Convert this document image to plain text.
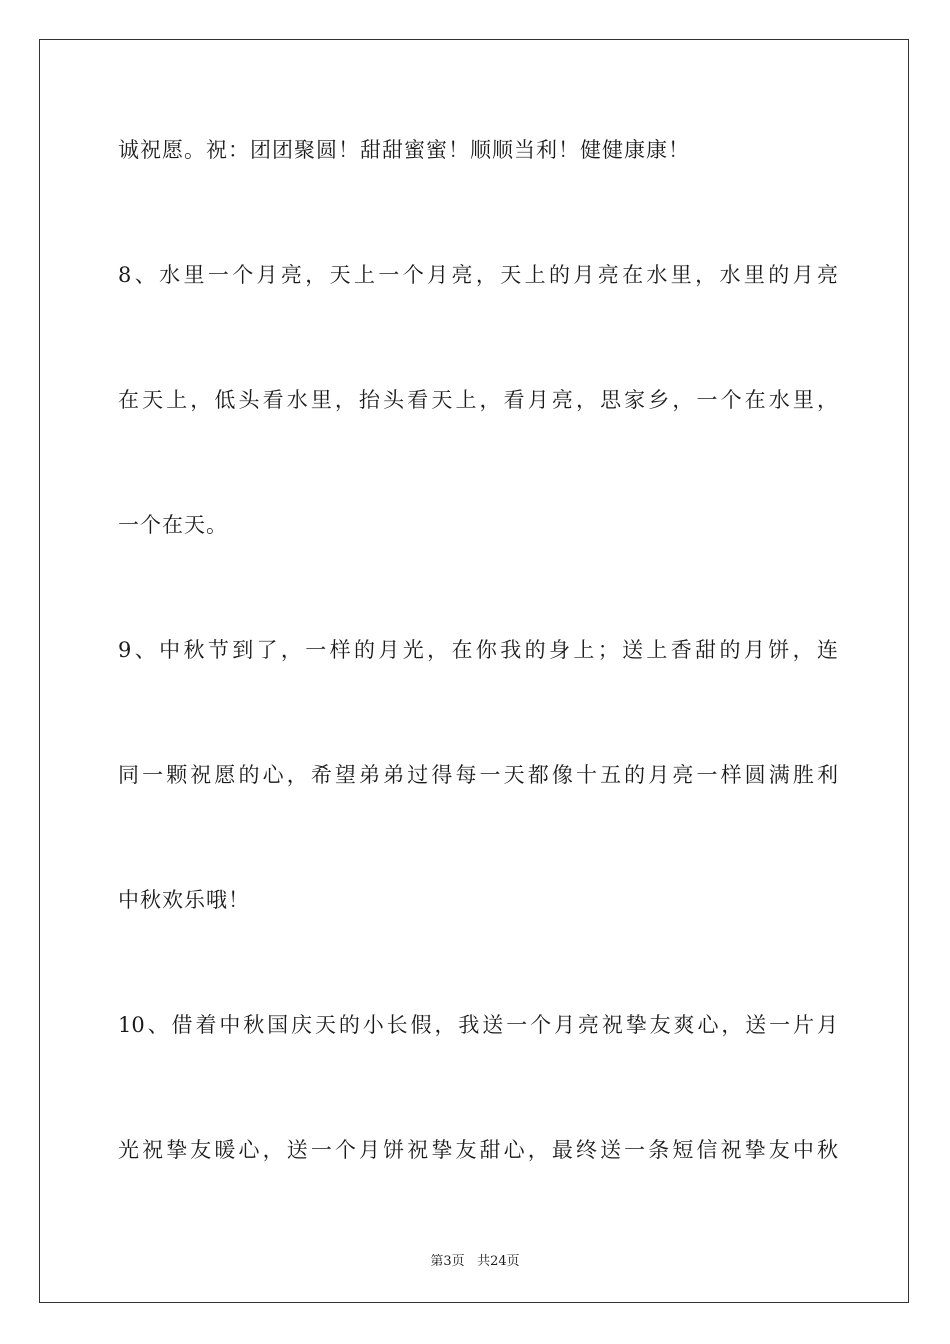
诚祝愿。祝：团团聚圆！甜甜蜜蜜！顺顺当利！健健康康！
8、水里一个月亮，天上一个月亮，天上的月亮在水里，水里的月亮
在天上，低头看水里，抬头看天上，看月亮，思家乡，一个在水里，
一个在天。
9、中秋节到了，一样的月光，在你我的身上；送上香甜的月饼，连
同一颗祝愿的心，希望弟弟过得每一天都像十五的月亮一样圆满胜利
中秋欢乐哦！
10、借着中秋国庆天的小长假，我送一个月亮祝挚友爽心，送一片月
光祝挚友暖心，送一个月饼祝挚友甜心，最终送一条短信祝挚友中秋
第3页 共24页
